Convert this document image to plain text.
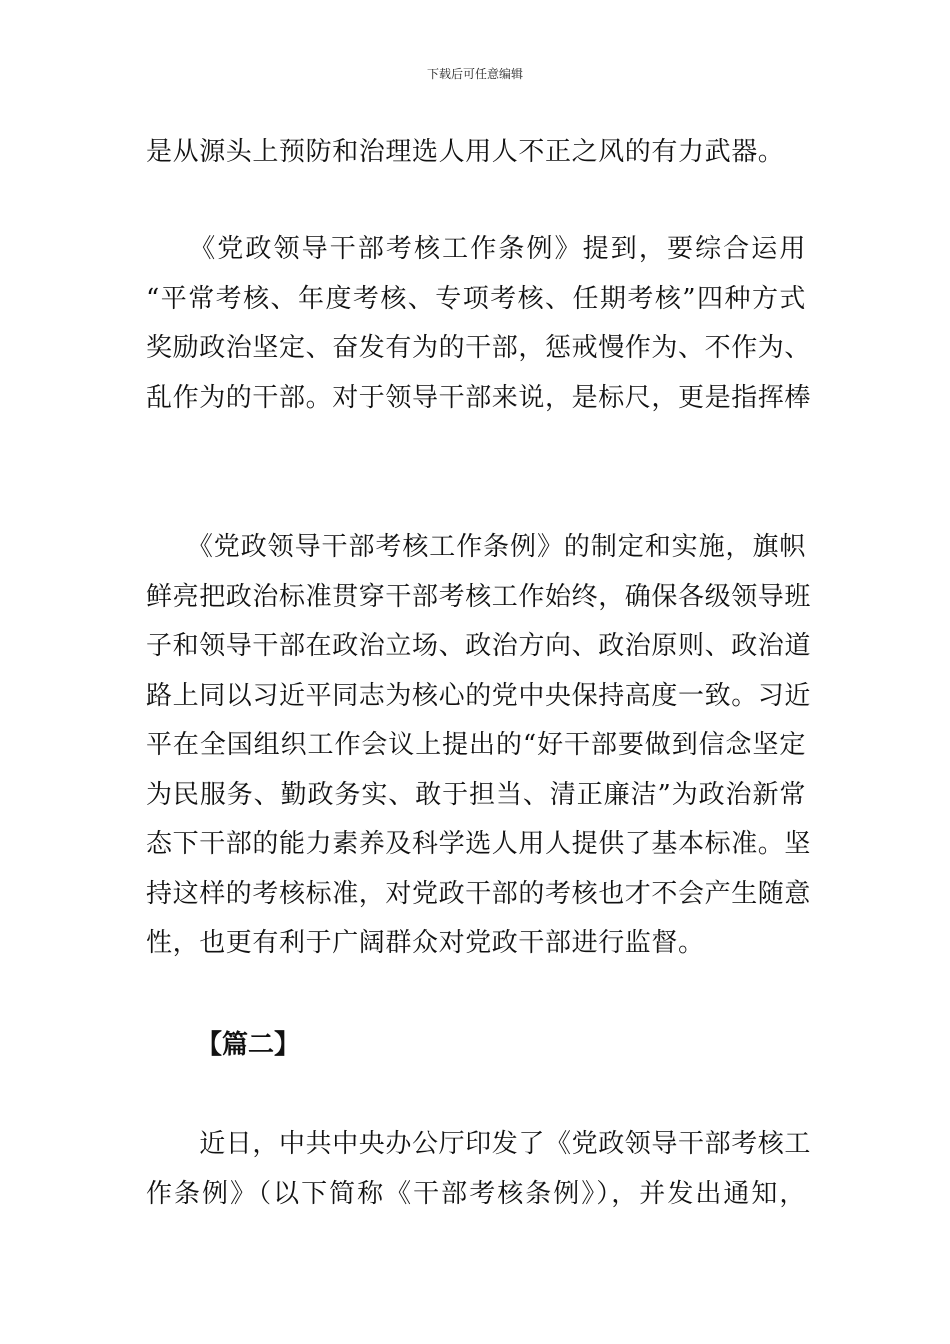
下载后可任意编辑
是从源头上预防和治理选人用人不正之风的有力武器。
　　《党政领导干部考核工作条例》提到，要综合运用
“平常考核、年度考核、专项考核、任期考核”四种方式
奖励政治坚定、奋发有为的干部，惩戒慢作为、不作为、
乱作为的干部。对于领导干部来说，是标尺，更是指挥棒
　　《党政领导干部考核工作条例》的制定和实施，旗帜
鲜亮把政治标准贯穿干部考核工作始终，确保各级领导班
子和领导干部在政治立场、政治方向、政治原则、政治道
路上同以习近平同志为核心的党中央保持高度一致。习近
平在全国组织工作会议上提出的“好干部要做到信念坚定
为民服务、勤政务实、敢于担当、清正廉洁”为政治新常
态下干部的能力素养及科学选人用人提供了基本标准。坚
持这样的考核标准，对党政干部的考核也才不会产生随意
性，也更有利于广阔群众对党政干部进行监督。
【篇二】
　　近日，中共中央办公厅印发了《党政领导干部考核工
作条例》（以下简称《干部考核条例》），并发出通知，
